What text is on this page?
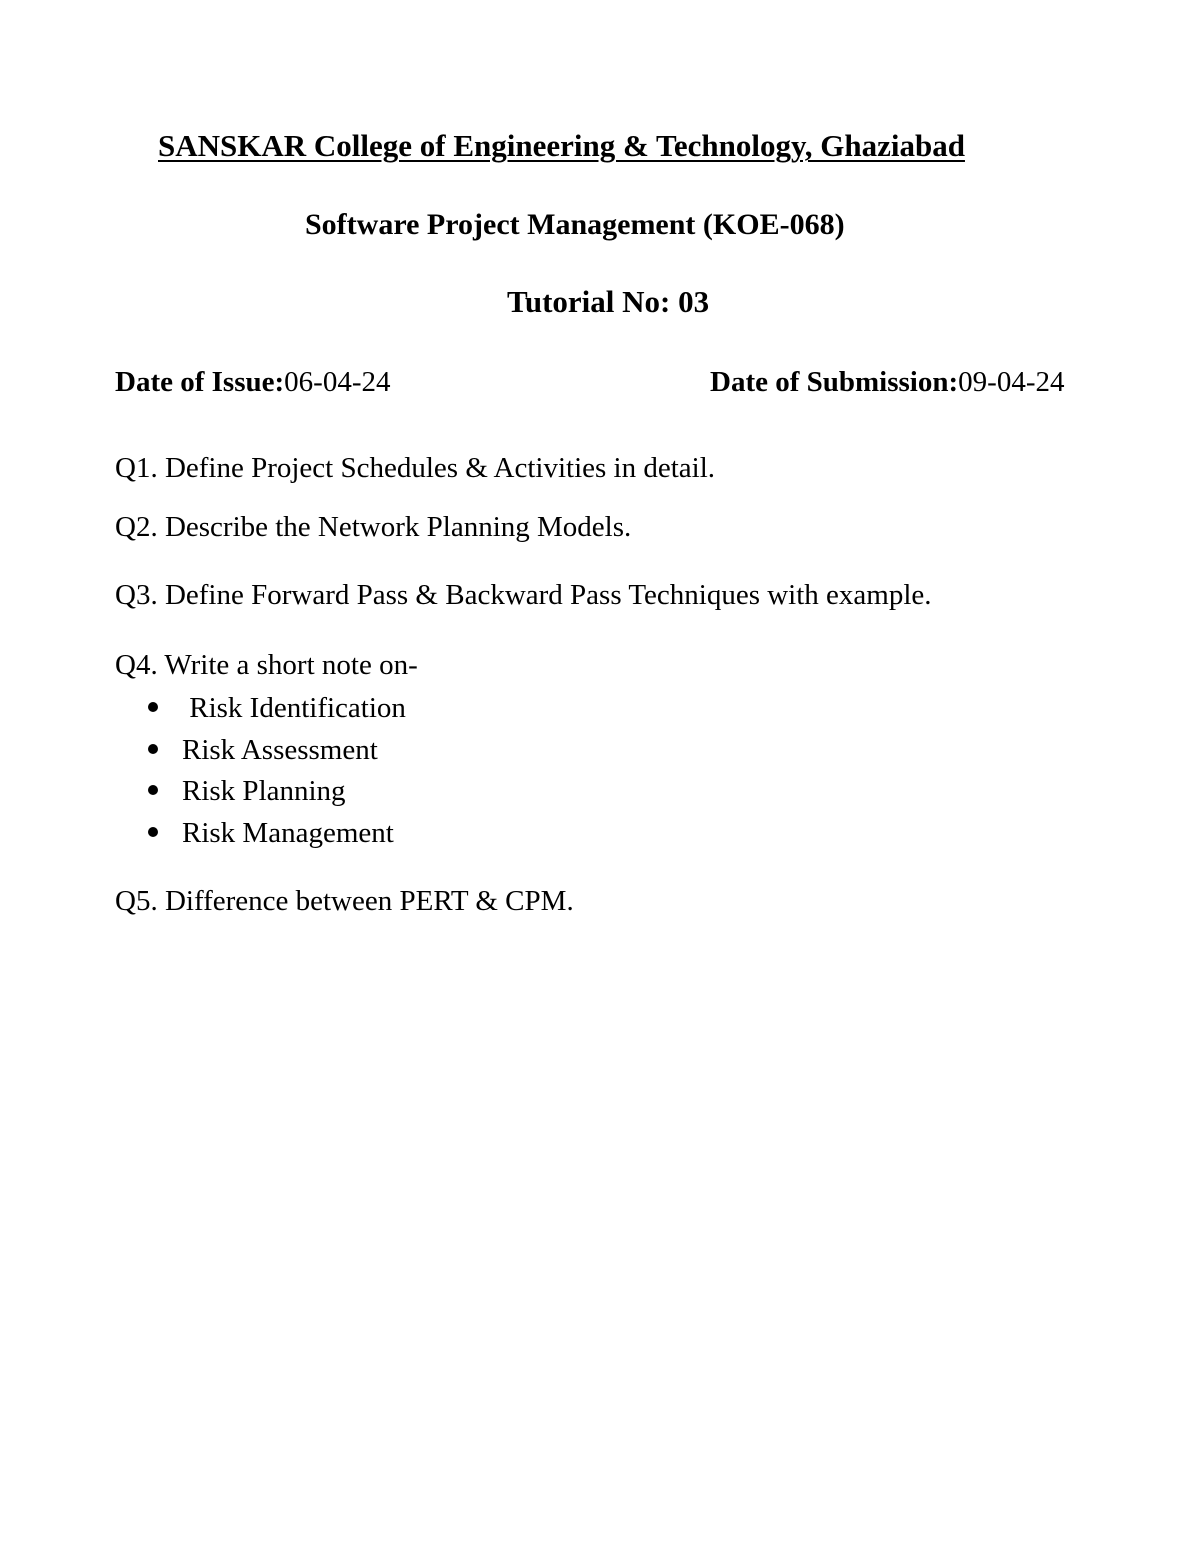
SANSKAR College of Engineering & Technology, Ghaziabad
Software Project Management (KOE-068)
Tutorial No: 03
Date of Issue:06-04-24	Date of Submission:09-04-24
Q1. Define Project Schedules & Activities in detail.
Q2. Describe the Network Planning Models.
Q3. Define Forward Pass & Backward Pass Techniques with example.
Q4. Write a short note on-
Risk Identification
Risk Assessment
Risk Planning
Risk Management
Q5. Difference between PERT & CPM.
